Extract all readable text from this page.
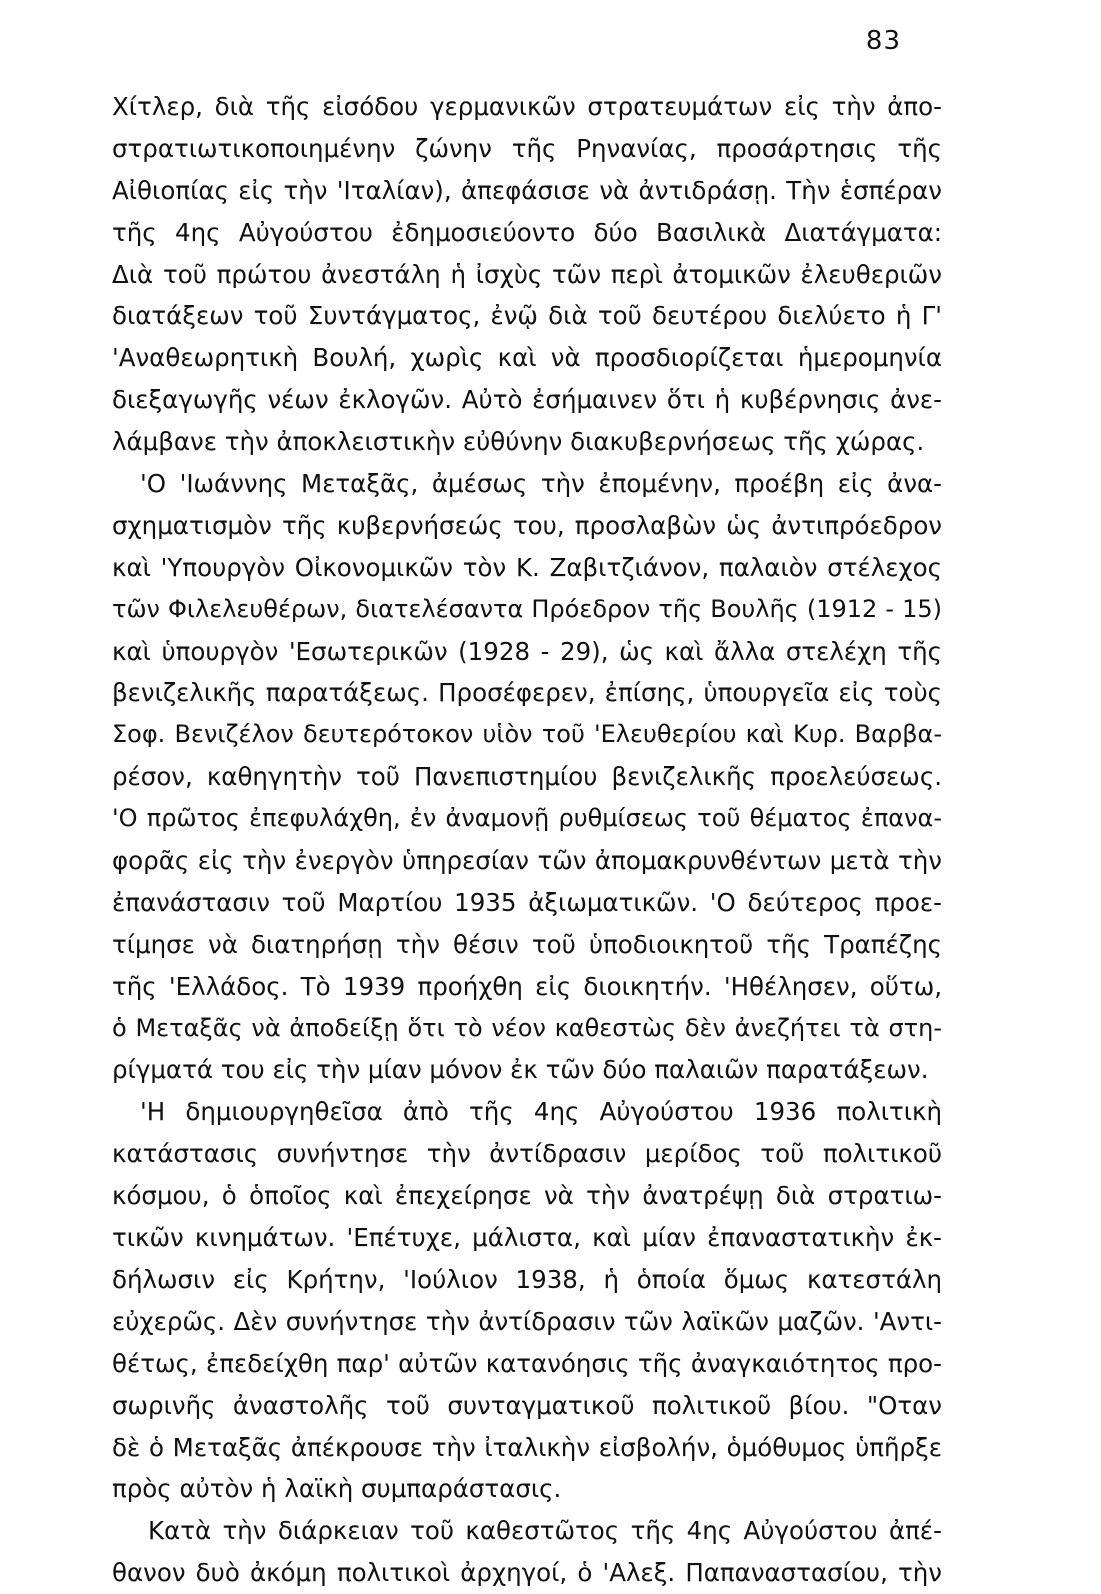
83
Χίτλερ, διὰ τῆς εἰσόδου γερμανικῶν στρατευμάτων εἰς τὴν ἀπο-
στρατιωτικοποιημένην ζώνην τῆς Ρηνανίας, προσάρτησις τῆς
Αἰθιοπίας εἰς τὴν 'Ιταλίαν), ἀπεφάσισε νὰ ἀντιδράσῃ. Τὴν ἑσπέραν
τῆς 4ης Αὐγούστου ἐδημοσιεύοντο δύο Βασιλικὰ Διατάγματα:
Διὰ τοῦ πρώτου ἀνεστάλη ἡ ἰσχὺς τῶν περὶ ἀτομικῶν ἐλευθεριῶν
διατάξεων τοῦ Συντάγματος, ἐνῷ διὰ τοῦ δευτέρου διελύετο ἡ Γ'
'Αναθεωρητικὴ Βουλή, χωρὶς καὶ νὰ προσδιορίζεται ἡμερομηνία
διεξαγωγῆς νέων ἐκλογῶν. Αὐτὸ ἐσήμαινεν ὅτι ἡ κυβέρνησις ἀνε-
λάμβανε τὴν ἀποκλειστικὴν εὐθύνην διακυβερνήσεως τῆς χώρας.
'Ο 'Ιωάννης Μεταξᾶς, ἀμέσως τὴν ἐπομένην, προέβη εἰς ἀνα-
σχηματισμὸν τῆς κυβερνήσεώς του, προσλαβὼν ὡς ἀντιπρόεδρον
καὶ 'Υπουργὸν Οἰκονομικῶν τὸν Κ. Ζαβιτζιάνον, παλαιὸν στέλεχος
τῶν Φιλελευθέρων, διατελέσαντα Πρόεδρον τῆς Βουλῆς (1912 - 15)
καὶ ὑπουργὸν 'Εσωτερικῶν (1928 - 29), ὡς καὶ ἄλλα στελέχη τῆς
βενιζελικῆς παρατάξεως. Προσέφερεν, ἐπίσης, ὑπουργεῖα εἰς τοὺς
Σοφ. Βενιζέλον δευτερότοκον υἱὸν τοῦ 'Ελευθερίου καὶ Κυρ. Βαρβα-
ρέσον, καθηγητὴν τοῦ Πανεπιστημίου βενιζελικῆς προελεύσεως.
'Ο πρῶτος ἐπεφυλάχθη, ἐν ἀναμονῇ ρυθμίσεως τοῦ θέματος ἐπανα-
φορᾶς εἰς τὴν ἐνεργὸν ὑπηρεσίαν τῶν ἀπομακρυνθέντων μετὰ τὴν
ἐπανάστασιν τοῦ Μαρτίου 1935 ἀξιωματικῶν. 'Ο δεύτερος προε-
τίμησε νὰ διατηρήσῃ τὴν θέσιν τοῦ ὑποδιοικητοῦ τῆς Τραπέζης
τῆς 'Ελλάδος. Τὸ 1939 προήχθη εἰς διοικητήν. 'Ηθέλησεν, οὕτω,
ὁ Μεταξᾶς νὰ ἀποδείξῃ ὅτι τὸ νέον καθεστὼς δὲν ἀνεζήτει τὰ στη-
ρίγματά του εἰς τὴν μίαν μόνον ἐκ τῶν δύο παλαιῶν παρατάξεων.
'Η δημιουργηθεῖσα ἀπὸ τῆς 4ης Αὐγούστου 1936 πολιτικὴ
κατάστασις συνήντησε τὴν ἀντίδρασιν μερίδος τοῦ πολιτικοῦ
κόσμου, ὁ ὁποῖος καὶ ἐπεχείρησε νὰ τὴν ἀνατρέψῃ διὰ στρατιω-
τικῶν κινημάτων. 'Επέτυχε, μάλιστα, καὶ μίαν ἐπαναστατικὴν ἐκ-
δήλωσιν εἰς Κρήτην, 'Ιούλιον 1938, ἡ ὁποία ὅμως κατεστάλη
εὐχερῶς. Δὲν συνήντησε τὴν ἀντίδρασιν τῶν λαϊκῶν μαζῶν. 'Αντι-
θέτως, ἐπεδείχθη παρ' αὐτῶν κατανόησις τῆς ἀναγκαιότητος προ-
σωρινῆς ἀναστολῆς τοῦ συνταγματικοῦ πολιτικοῦ βίου. "Οταν
δὲ ὁ Μεταξᾶς ἀπέκρουσε τὴν ἰταλικὴν εἰσβολήν, ὁμόθυμος ὑπῆρξε
πρὸς αὐτὸν ἡ λαϊκὴ συμπαράστασις.
Κατὰ τὴν διάρκειαν τοῦ καθεστῶτος τῆς 4ης Αὐγούστου ἀπέ-
θανον δυὸ ἀκόμη πολιτικοὶ ἀρχηγοί, ὁ 'Αλεξ. Παπαναστασίου, τὴν
